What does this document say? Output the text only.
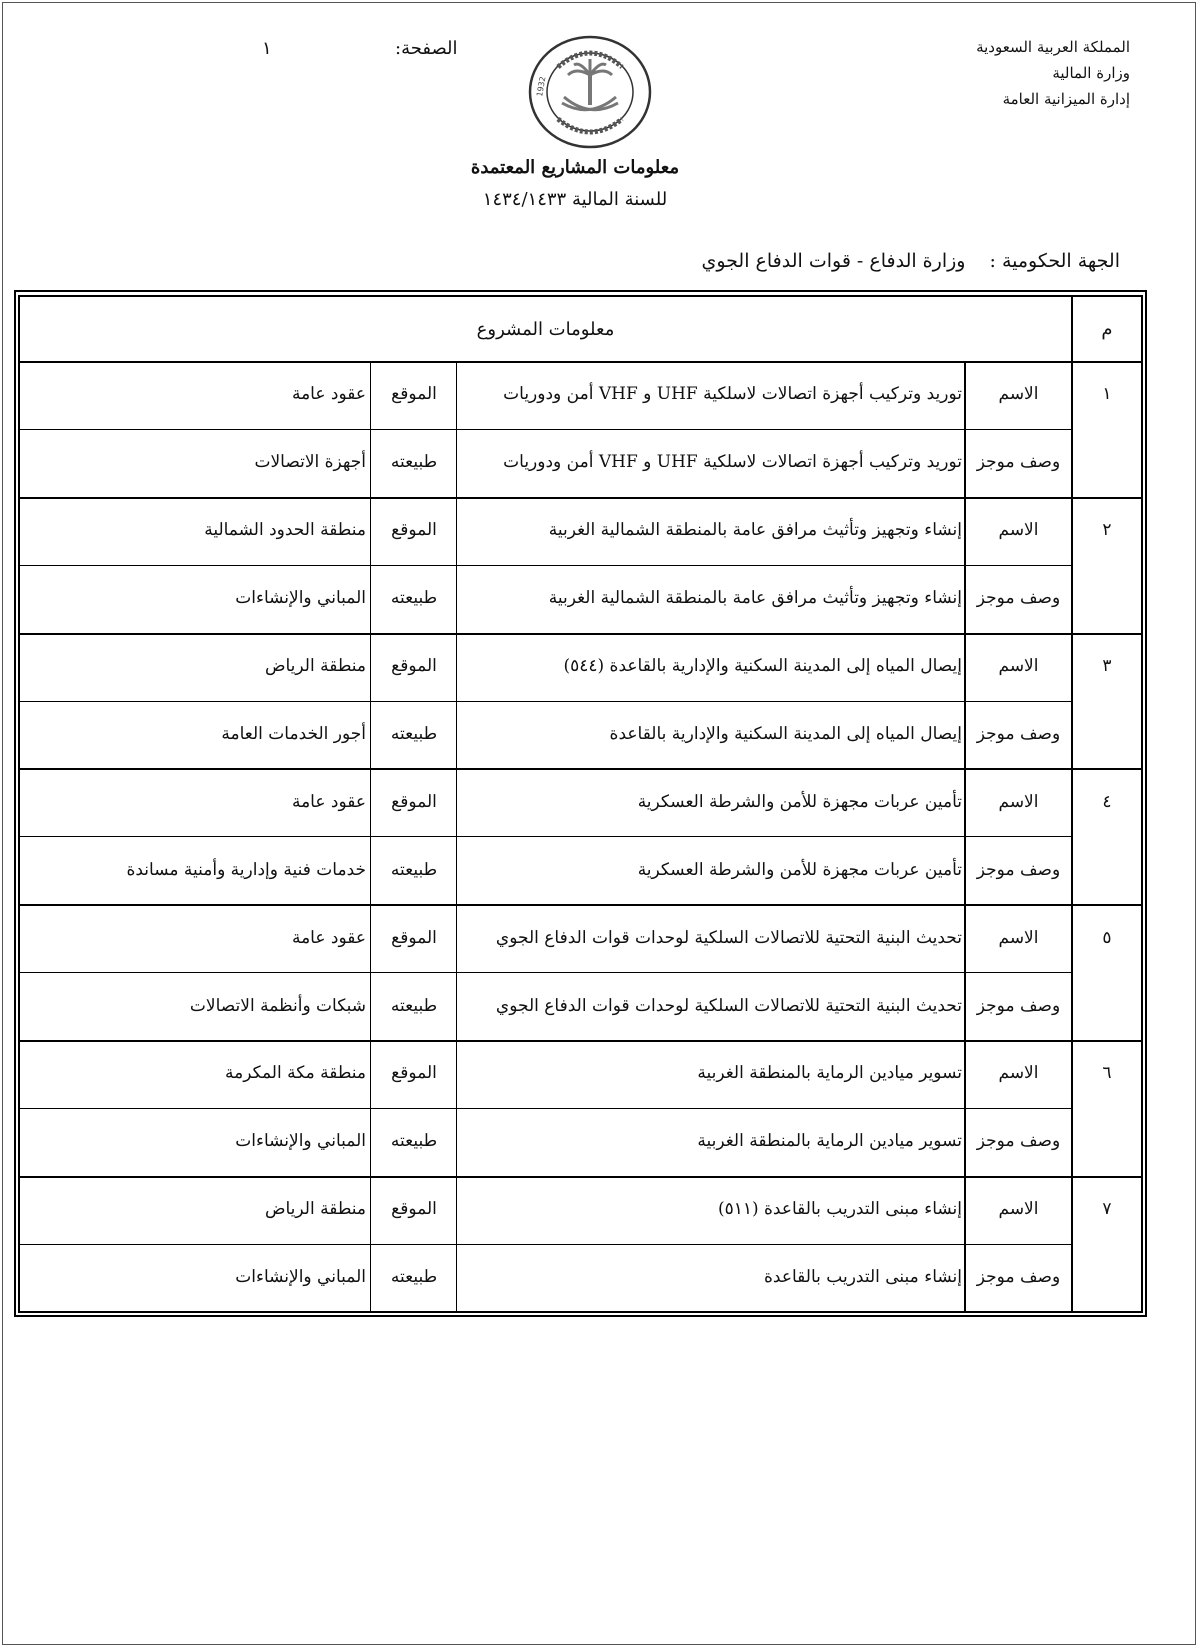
المملكة العربية السعودية
وزارة المالية
إدارة الميزانية العامة
الصفحة:
١
1932
معلومات المشاريع المعتمدة
للسنة المالية ١٤٣٤/١٤٣٣
الجهة الحكومية : وزارة الدفاع - قوات الدفاع الجوي
م
معلومات المشروع
١
الاسم
توريد وتركيب أجهزة اتصالات لاسلكية UHF و VHF أمن ودوريات
الموقع
عقود عامة
وصف موجز
توريد وتركيب أجهزة اتصالات لاسلكية UHF و VHF أمن ودوريات
طبيعته
أجهزة الاتصالات
٢
الاسم
إنشاء وتجهيز وتأثيث مرافق عامة بالمنطقة الشمالية الغربية
الموقع
منطقة الحدود الشمالية
وصف موجز
إنشاء وتجهيز وتأثيث مرافق عامة بالمنطقة الشمالية الغربية
طبيعته
المباني والإنشاءات
٣
الاسم
إيصال المياه إلى المدينة السكنية والإدارية بالقاعدة (٥٤٤)
الموقع
منطقة الرياض
وصف موجز
إيصال المياه إلى المدينة السكنية والإدارية بالقاعدة
طبيعته
أجور الخدمات العامة
٤
الاسم
تأمين عربات مجهزة للأمن والشرطة العسكرية
الموقع
عقود عامة
وصف موجز
تأمين عربات مجهزة للأمن والشرطة العسكرية
طبيعته
خدمات فنية وإدارية وأمنية مساندة
٥
الاسم
تحديث البنية التحتية للاتصالات السلكية لوحدات قوات الدفاع الجوي
الموقع
عقود عامة
وصف موجز
تحديث البنية التحتية للاتصالات السلكية لوحدات قوات الدفاع الجوي
طبيعته
شبكات وأنظمة الاتصالات
٦
الاسم
تسوير ميادين الرماية بالمنطقة الغربية
الموقع
منطقة مكة المكرمة
وصف موجز
تسوير ميادين الرماية بالمنطقة الغربية
طبيعته
المباني والإنشاءات
٧
الاسم
إنشاء مبنى التدريب بالقاعدة (٥١١)
الموقع
منطقة الرياض
وصف موجز
إنشاء مبنى التدريب بالقاعدة
طبيعته
المباني والإنشاءات
